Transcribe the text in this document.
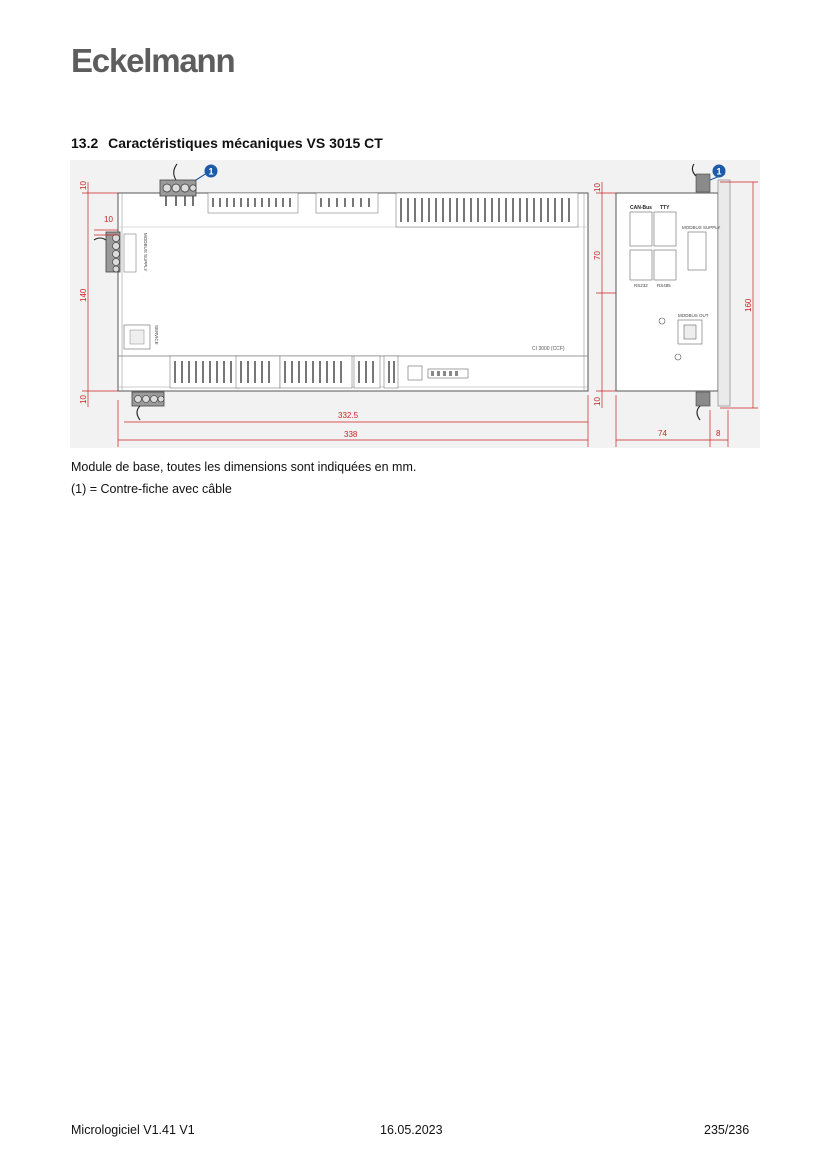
Eckelmann
13.2 Caractéristiques mécaniques VS 3015 CT
1
MODBUS SUPPLY
SERVICE
CI 3000 (CCF)
10
10
140
10
332.5
338
1
CAN-Bus TTY
MODBUS SUPPLY
RS232 RS485
MODBUS OUT
10
70
10
160
74	8
Module de base, toutes les dimensions sont indiquées en mm.
(1) = Contre-fiche avec câble
Micrologiciel V1.41 V1	16.05.2023	235/236
